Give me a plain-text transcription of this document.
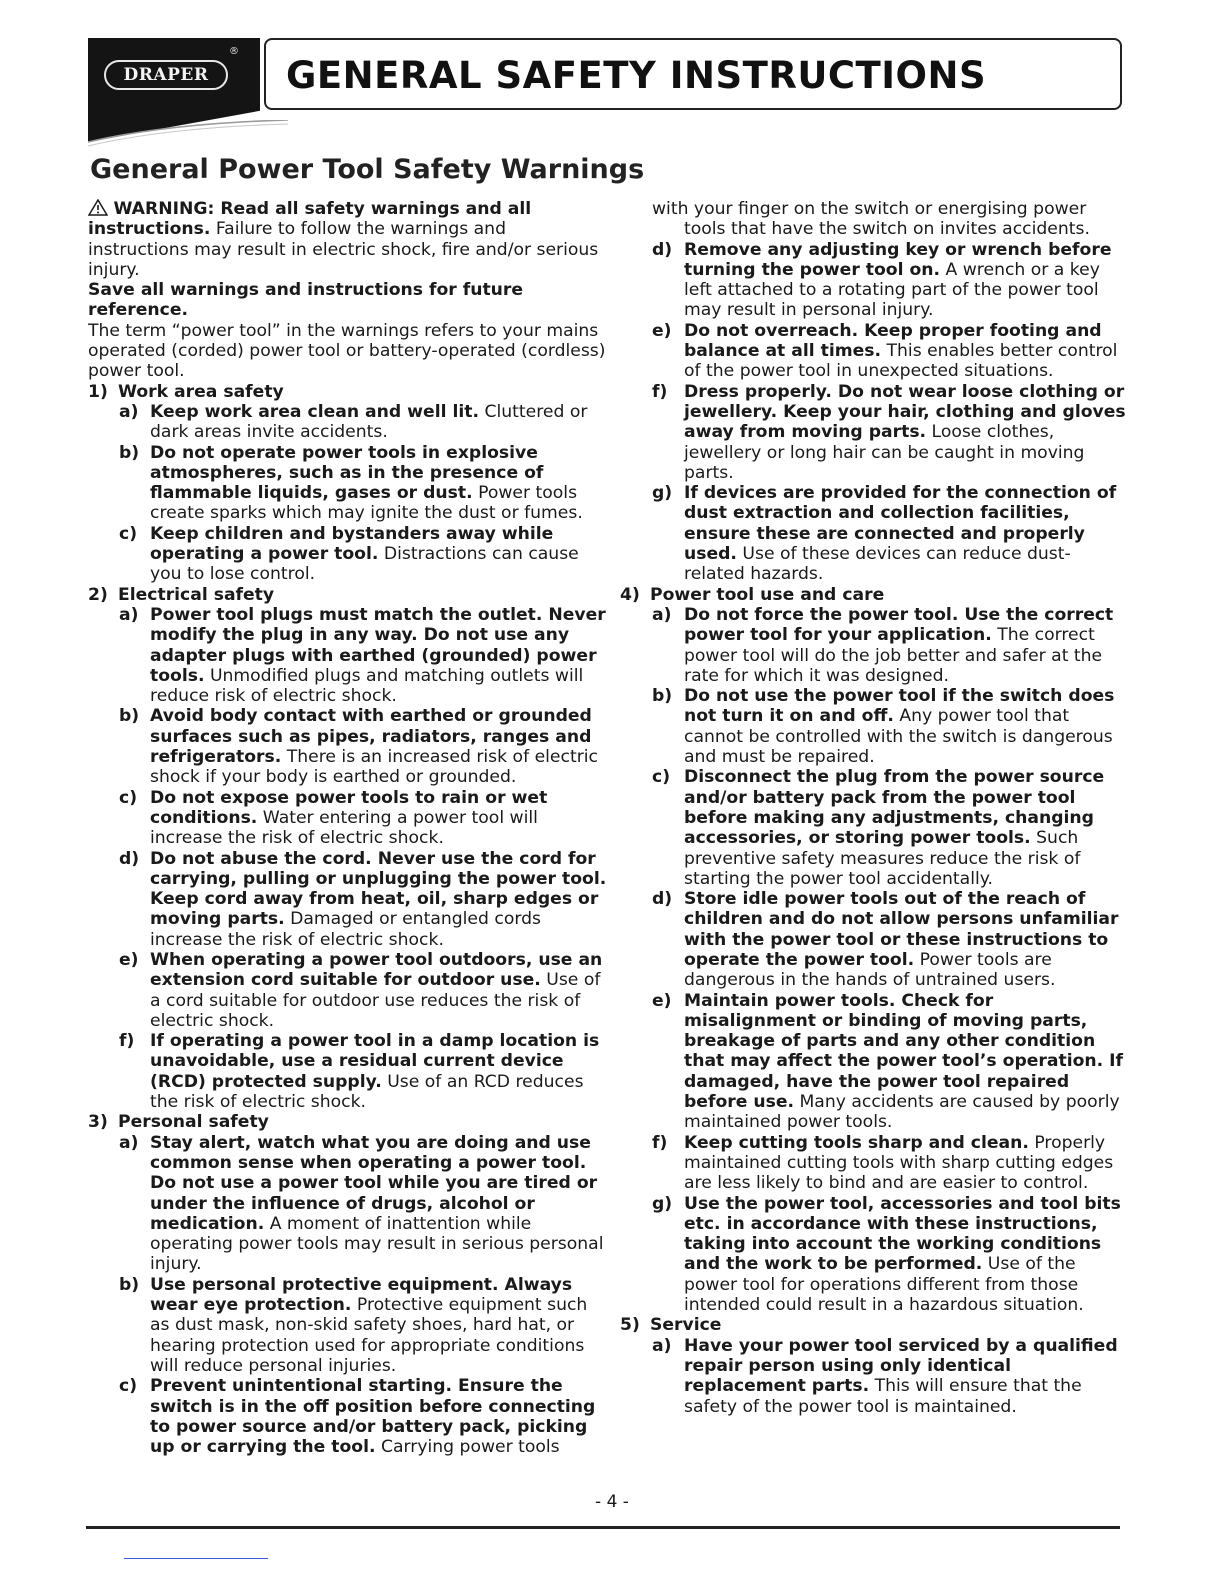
DRAPER
®
GENERAL SAFETY INSTRUCTIONS
General Power Tool Safety Warnings

WARNING: Read all safety warnings and all instructions. Failure to follow the warnings and instructions may result in electric shock, fire and/or serious injury.

Save all warnings and instructions for future reference.

The term “power tool” in the warnings refers to your mains operated (corded) power tool or battery-operated (cordless) power tool.

1) Work area safety

a) Keep work area clean and well lit. Cluttered or dark areas invite accidents.

b) Do not operate power tools in explosive atmospheres, such as in the presence of flammable liquids, gases or dust. Power tools create sparks which may ignite the dust or fumes.

c) Keep children and bystanders away while operating a power tool. Distractions can cause you to lose control.

2) Electrical safety

a) Power tool plugs must match the outlet. Never modify the plug in any way. Do not use any adapter plugs with earthed (grounded) power tools. Unmodified plugs and matching outlets will reduce risk of electric shock.

b) Avoid body contact with earthed or grounded surfaces such as pipes, radiators, ranges and refrigerators. There is an increased risk of electric shock if your body is earthed or grounded.

c) Do not expose power tools to rain or wet conditions. Water entering a power tool will increase the risk of electric shock.

d) Do not abuse the cord. Never use the cord for carrying, pulling or unplugging the power tool. Keep cord away from heat, oil, sharp edges or moving parts. Damaged or entangled cords increase the risk of electric shock.

e) When operating a power tool outdoors, use an extension cord suitable for outdoor use. Use of a cord suitable for outdoor use reduces the risk of electric shock.

f) If operating a power tool in a damp location is unavoidable, use a residual current device (RCD) protected supply. Use of an RCD reduces the risk of electric shock.

3) Personal safety

a) Stay alert, watch what you are doing and use common sense when operating a power tool. Do not use a power tool while you are tired or under the influence of drugs, alcohol or medication. A moment of inattention while operating power tools may result in serious personal injury.

b) Use personal protective equipment. Always wear eye protection. Protective equipment such as dust mask, non-skid safety shoes, hard hat, or hearing protection used for appropriate conditions will reduce personal injuries.

c) Prevent unintentional starting. Ensure the switch is in the off position before connecting to power source and/or battery pack, picking up or carrying the tool. Carrying power tools

with your finger on the switch or energising power tools that have the switch on invites accidents.

d) Remove any adjusting key or wrench before turning the power tool on. A wrench or a key left attached to a rotating part of the power tool may result in personal injury.

e) Do not overreach. Keep proper footing and balance at all times. This enables better control of the power tool in unexpected situations.

f) Dress properly. Do not wear loose clothing or jewellery. Keep your hair, clothing and gloves away from moving parts. Loose clothes, jewellery or long hair can be caught in moving parts.

g) If devices are provided for the connection of dust extraction and collection facilities, ensure these are connected and properly used. Use of these devices can reduce dust-related hazards.

4) Power tool use and care

a) Do not force the power tool. Use the correct power tool for your application. The correct power tool will do the job better and safer at the rate for which it was designed.

b) Do not use the power tool if the switch does not turn it on and off. Any power tool that cannot be controlled with the switch is dangerous and must be repaired.

c) Disconnect the plug from the power source and/or battery pack from the power tool before making any adjustments, changing accessories, or storing power tools. Such preventive safety measures reduce the risk of starting the power tool accidentally.

d) Store idle power tools out of the reach of children and do not allow persons unfamiliar with the power tool or these instructions to operate the power tool. Power tools are dangerous in the hands of untrained users.

e) Maintain power tools. Check for misalignment or binding of moving parts, breakage of parts and any other condition that may affect the power tool’s operation. If damaged, have the power tool repaired before use. Many accidents are caused by poorly maintained power tools.

f) Keep cutting tools sharp and clean. Properly maintained cutting tools with sharp cutting edges are less likely to bind and are easier to control.

g) Use the power tool, accessories and tool bits etc. in accordance with these instructions, taking into account the working conditions and the work to be performed. Use of the power tool for operations different from those intended could result in a hazardous situation.

5) Service

a) Have your power tool serviced by a qualified repair person using only identical replacement parts. This will ensure that the safety of the power tool is maintained.

- 4 -
